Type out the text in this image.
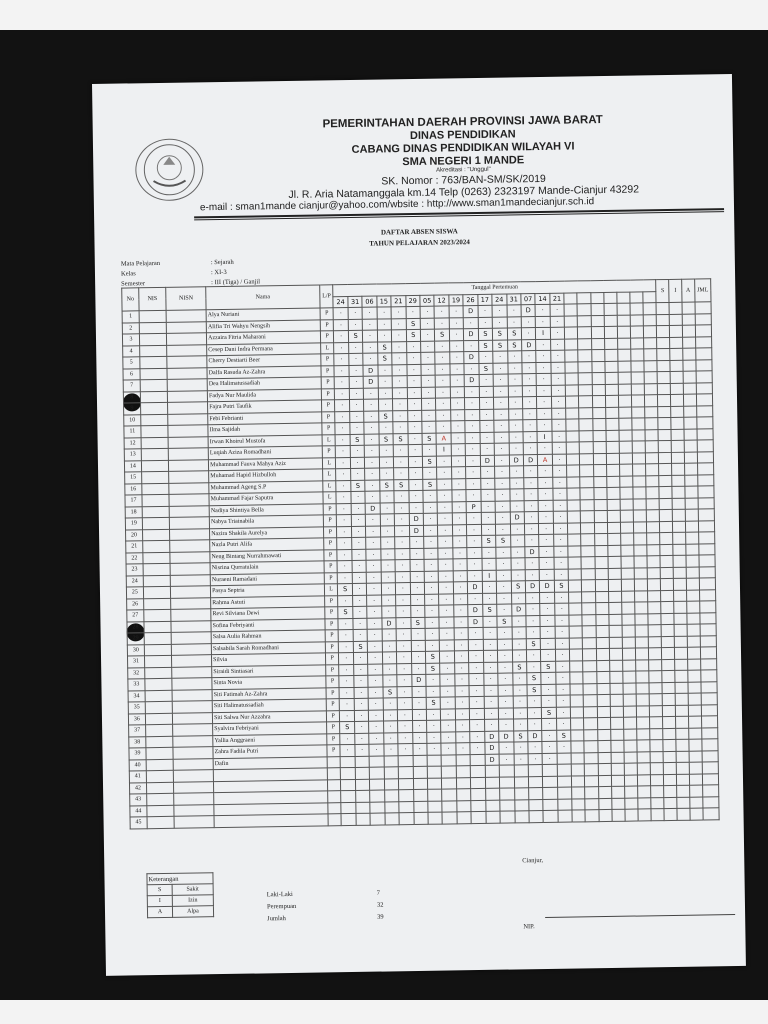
PEMERINTAHAN DAERAH PROVINSI JAWA BARAT
DINAS PENDIDIKAN
CABANG DINAS PENDIDIKAN WILAYAH VI
SMA NEGERI 1 MANDE
Akreditasi : "Unggul"
SK. Nomor : 763/BAN-SM/SK/2019
Jl. R. Aria Natamanggala km.14 Telp (0263) 2323197 Mande-Cianjur 43292
e-mail : sman1mande cianjur@yahoo.com/wbsite : http://www.sman1mandecianjur.sch.id
DAFTAR ABSEN SISWA
TAHUN PELAJARAN 2023/2024
Mata Pelajaran	: Sejarah
Kelas	: XI-3
Semester	: III (Tiga) / Ganjil
No	NIS	NISN	Nama	L/P	Tanggal Pertemuan																							S	I	A	JML
					24	31	06	15	21	29	05	12	19	26	17	24	31	07	14	21											
1			Alya Nuriani	P	·	·	·	·	·	·	·	·	·	D	·	·	·	D	·	·											
2			Alifia Tri Wahyu Nengsih	P	·	·	·	·	·	S	·	·	·	·	·	·	·	·	·	·											
3			Azzaira Fitria Maharani	P	·	S	·	·	·	S	·	S	·	D	S	S	S	·	I	·											
4			Cesep Dani Indra Permana	L	·	·	·	S	·	·	·	·	·	·	S	S	S	D	·	·											
5			Cherry Destiarti Beer	P	·	·	·	S	·	·	·	·	·	D	·	·	·	·	·	·											
6			Dalfa Rasuda Az-Zahra	P	·	·	D	·	·	·	·	·	·	·	S	·	·	·	·	·											
7			Dea Halimatussadiah	P	·	·	D	·	·	·	·	·	·	D	·	·	·	·	·	·											
8			Fadya Nur Maulida	P	·	·	·	·	·	·	·	·	·	·	·	·	·	·	·	·											
9			Fajra Putri Taufik	P	·	·	·	·	·	·	·	·	·	·	·	·	·	·	·	·											
10			Febi Febrianti	P	·	·	·	S	·	·	·	·	·	·	·	·	·	·	·	·											
11			Ilma Sajidah	P	·	·	·	·	·	·	·	·	·	·	·	·	·	·	·	·											
12			Irwan Khoirul Mustofa	L	·	S	·	S	S	·	S	A	·	·	·	·	·	·	I	·											
13			Luqiah Aziza Romadhani	P	·	·	·	·	·	·	·	I	·	·	·	·	·	·	·	·											
14			Muhammad Fauva Mahya Aziz	L	·	·	·	·	·	·	S	·	·	·	D	·	D	D	A	·											
15			Muhamad Hapid Hizbulloh	L	·	·	·	·	·	·	·	·	·	·	·	·	·	·	·	·											
16			Muhammad Ageng S.P	L	·	S	·	S	S	·	S	·	·	·	·	·	·	·	·	·											
17			Muhammad Fajar Saputra	L	·	·	·	·	·	·	·	·	·	·	·	·	·	·	·	·											
18			Nadiya Shintiya Bella	P	·	·	D	·	·	·	·	·	·	P	·	·	·	·	·	·											
19			Nabya Triainabila	P	·	·	·	·	·	D	·	·	·	·	·	·	D	·	·	·											
20			Nazira Shakila Aurelya	P	·	·	·	·	·	D	·	·	·	·	·	·	·	·	·	·											
21			Nazla Putri Alifa	P	·	·	·	·	·	·	·	·	·	·	S	S	·	·	·	·											
22			Neng Bintang Nurrahmawati	P	·	·	·	·	·	·	·	·	·	·	·	·	·	D	·	·											
23			Nisrina Qurratulain	P	·	·	·	·	·	·	·	·	·	·	·	·	·	·	·	·											
24			Nuraeni Ramadani	P	·	·	·	·	·	·	·	·	·	·	I	·	·	·	·	·											
25			Pasya Septria	L	S	·	·	·	·	·	·	·	·	D	·	·	S	D	D	S											
26			Rahma Astuti	P	·	·	·	·	·	·	·	·	·	·	·	·	·	·	·	·											
27			Revi Silviana Dewi	P	S	·	·	·	·	·	·	·	·	D	S	·	D	·	·	·											
28			Sofina Febriyanti	P	·	·	·	D	·	S	·	·	·	D	·	S	·	·	·	·											
29			Salsa Aulia Rahman	P	·	·	·	·	·	·	·	·	·	·	·	·	·	·	·	·											
30			Salsabila Sarah Romadhani	P	·	S	·	·	·	·	·	·	·	·	·	·	·	S	·	·											
31			Silvia	P	·	·	·	·	·	·	S	·	·	·	·	·	·	·	·	·											
32			Siraidi Sintiasari	P	·	·	·	·	·	·	S	·	·	·	·	·	S	·	S	·											
33			Sinta Novia	P	·	·	·	·	·	D	·	·	·	·	·	·	·	S	·	·											
34			Siti Fatimah Az-Zahra	P	·	·	·	S	·	·	·	·	·	·	·	·	·	S	·	·											
35			Siti Halimatussadiah	P	·	·	·	·	·	·	S	·	·	·	·	·	·	·	·	·											
36			Siti Salwa Nur Azzahra	P	·	·	·	·	·	·	·	·	·	·	·	·	·	·	S	·											
37			Syalvira Febriyani	P	S	·	·	·	·	·	·	·	·	·	·	·	·	·	·	·											
38			Yallia Anggraeni	P	·	·	·	·	·	·	·	·	·	·	D	D	S	D	·	S											
39			Zahra Fadila Putri	P	·	·	·	·	·	·	·	·	·	·	D	·	·	·	·	·											
40			Dafin												D	·	·	·	·												
41																															
42																															
43																															
44																															
45																															
Keterangan	
S	Sakit
I	Izin
A	Alpa
Laki-Laki	7
Perempuan	32
Jumlah	39
Cianjur,
NIP.
